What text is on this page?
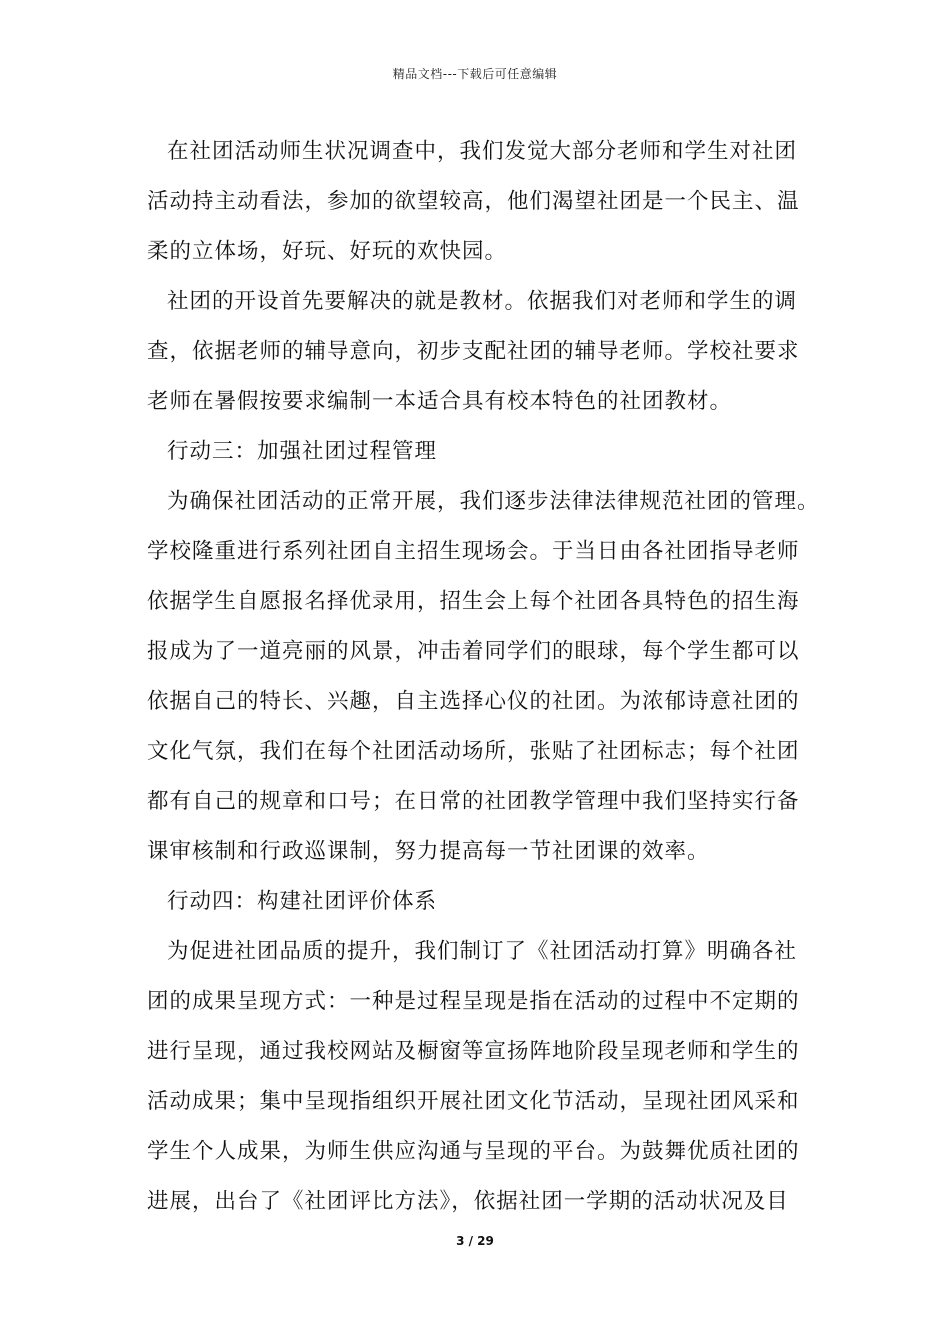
精品文档---下载后可任意编辑
在社团活动师生状况调查中，我们发觉大部分老师和学生对社团
活动持主动看法，参加的欲望较高，他们渴望社团是一个民主、温
柔的立体场，好玩、好玩的欢快园。
社团的开设首先要解决的就是教材。依据我们对老师和学生的调
查，依据老师的辅导意向，初步支配社团的辅导老师。学校社要求
老师在暑假按要求编制一本适合具有校本特色的社团教材。
行动三：加强社团过程管理
为确保社团活动的正常开展，我们逐步法律法律规范社团的管理。
学校隆重进行系列社团自主招生现场会。于当日由各社团指导老师
依据学生自愿报名择优录用，招生会上每个社团各具特色的招生海
报成为了一道亮丽的风景，冲击着同学们的眼球，每个学生都可以
依据自己的特长、兴趣，自主选择心仪的社团。为浓郁诗意社团的
文化气氛，我们在每个社团活动场所，张贴了社团标志；每个社团
都有自己的规章和口号；在日常的社团教学管理中我们坚持实行备
课审核制和行政巡课制，努力提高每一节社团课的效率。
行动四：构建社团评价体系
为促进社团品质的提升，我们制订了《社团活动打算》明确各社
团的成果呈现方式：一种是过程呈现是指在活动的过程中不定期的
进行呈现，通过我校网站及橱窗等宣扬阵地阶段呈现老师和学生的
活动成果；集中呈现指组织开展社团文化节活动，呈现社团风采和
学生个人成果，为师生供应沟通与呈现的平台。为鼓舞优质社团的
进展，出台了《社团评比方法》，依据社团一学期的活动状况及目
3 / 29
